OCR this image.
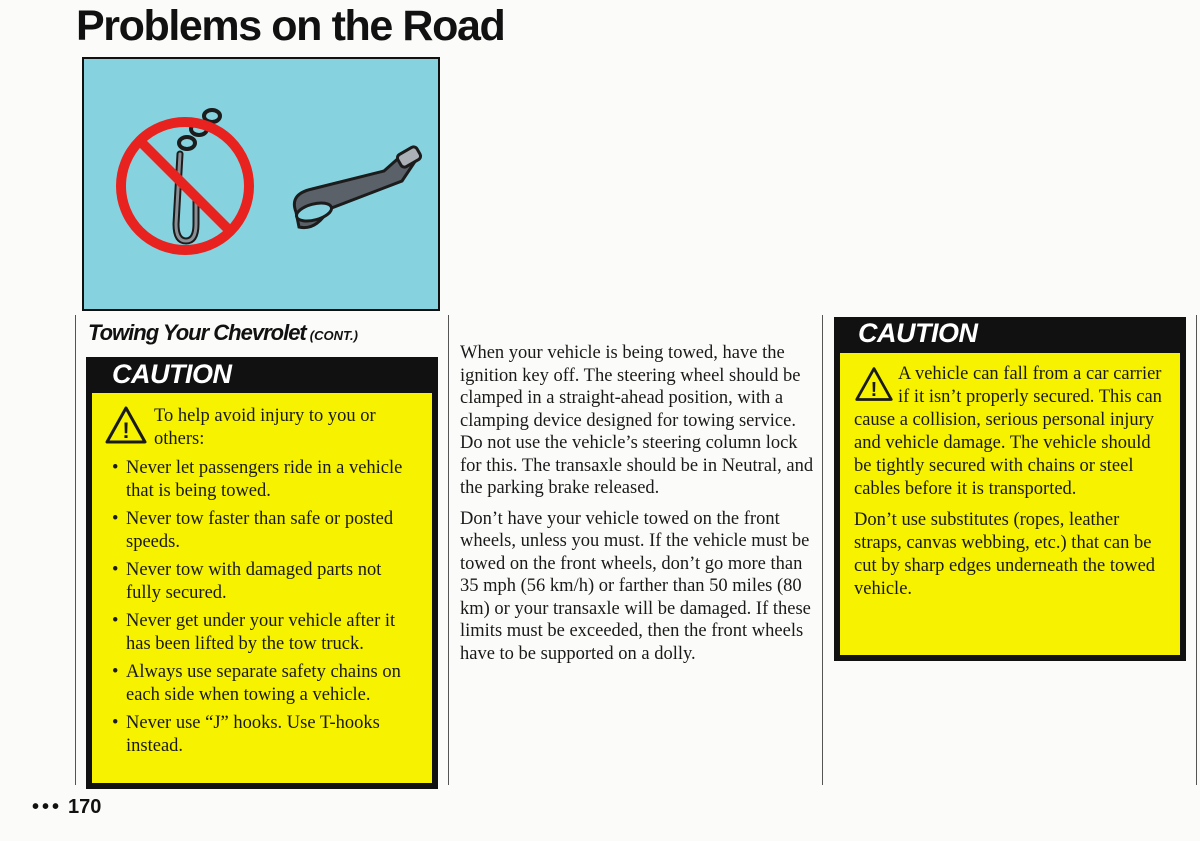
Problems on the Road
Towing Your Chevrolet (CONT.)
CAUTION
!
To help avoid injury to you or others:
• Never let passengers ride in a vehicle that is being towed.
• Never tow faster than safe or posted speeds.
• Never tow with damaged parts not fully secured.
• Never get under your vehicle after it has been lifted by the tow truck.
• Always use separate safety chains on each side when towing a vehicle.
• Never use “J” hooks. Use T-hooks instead.

When your vehicle is being towed, have the ignition key off. The steering wheel should be clamped in a straight-ahead position, with a clamping device designed for towing service. Do not use the vehicle’s steering column lock for this. The transaxle should be in Neutral, and the parking brake released.

Don’t have your vehicle towed on the front wheels, unless you must. If the vehicle must be towed on the front wheels, don’t go more than 35 mph (56 km/h) or farther than 50 miles (80 km) or your transaxle will be damaged. If these limits must be exceeded, then the front wheels have to be supported on a dolly.

CAUTION
!

A vehicle can fall from a car carrier if it isn’t properly secured. This can cause a collision, serious personal injury and vehicle damage. The vehicle should be tightly secured with chains or steel cables before it is transported.

Don’t use substitutes (ropes, leather straps, canvas webbing, etc.) that can be cut by sharp edges underneath the towed vehicle.

••• 170
